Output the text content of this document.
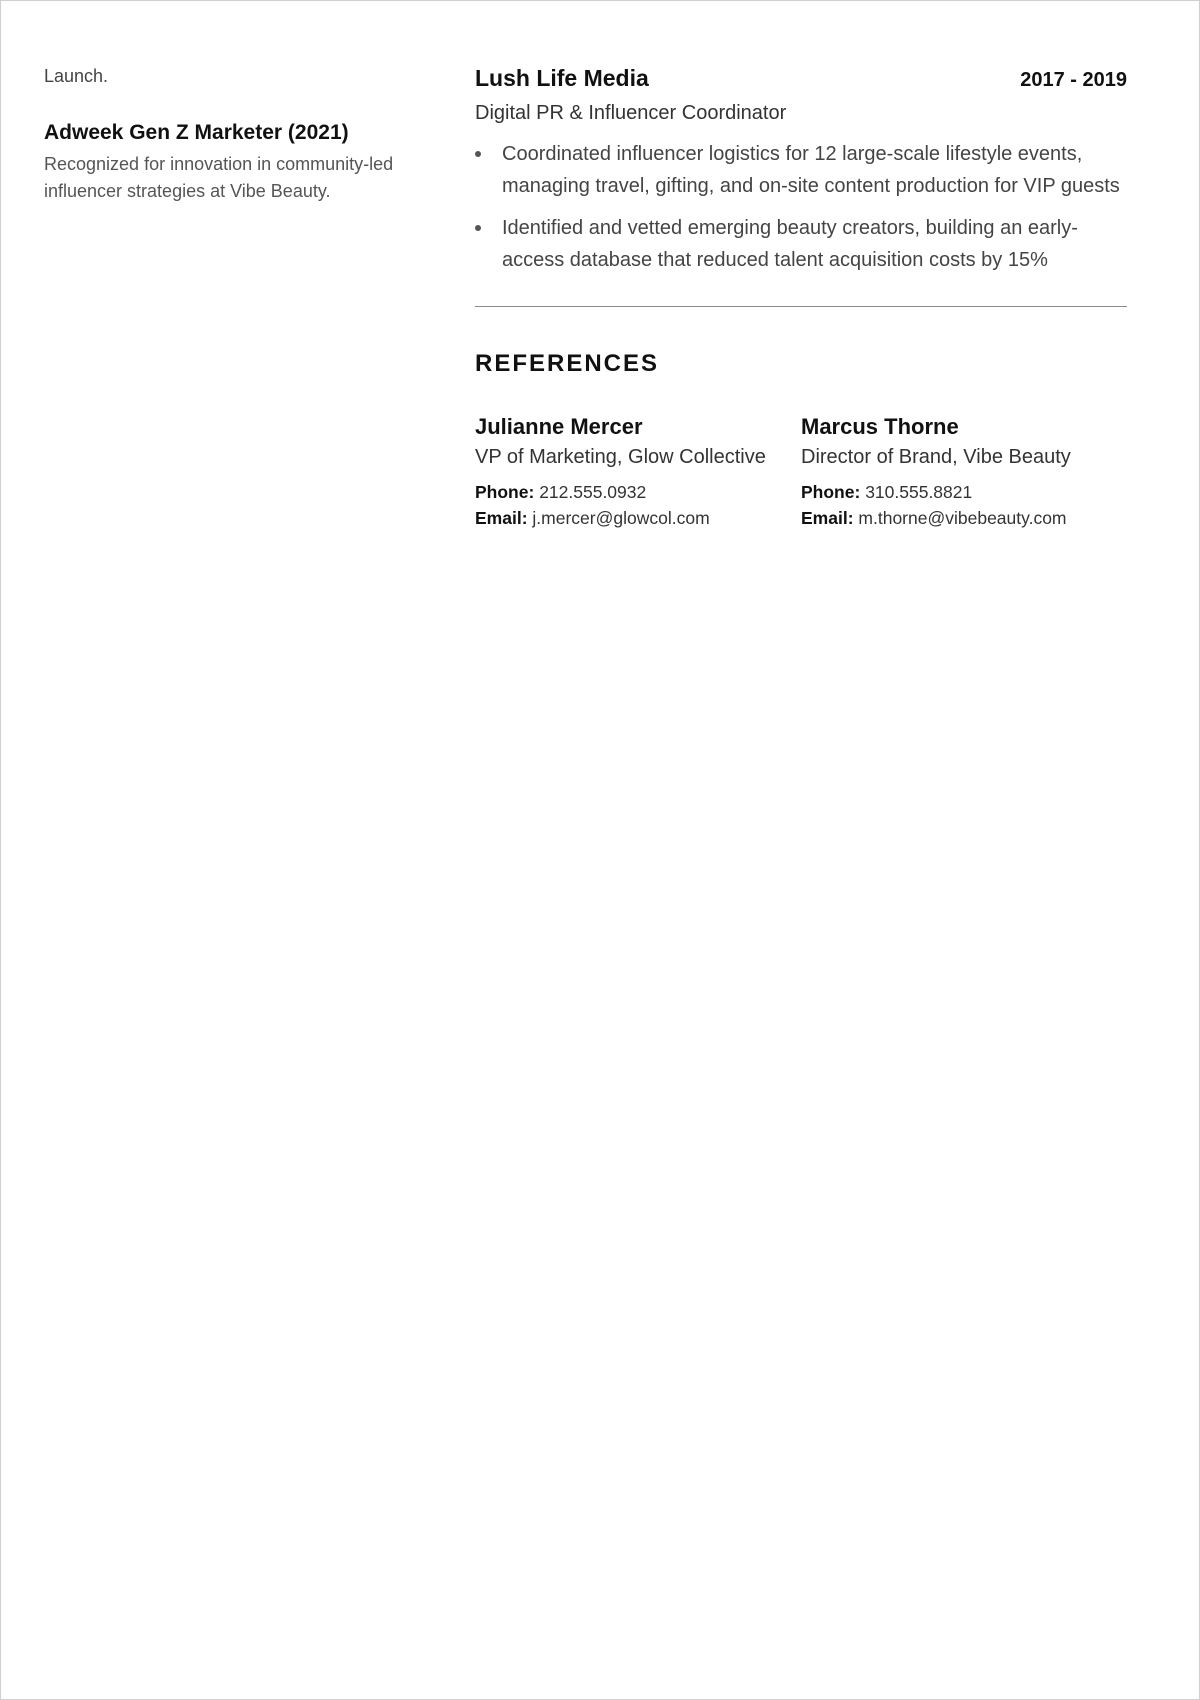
Launch.

Adweek Gen Z Marketer (2021)

Recognized for innovation in community-led influencer strategies at Vibe Beauty.

Lush Life Media	2017 - 2019

Digital PR & Influencer Coordinator

Coordinated influencer logistics for 12 large-scale lifestyle events, managing travel, gifting, and on-site content production for VIP guests
Identified and vetted emerging beauty creators, building an early-access database that reduced talent acquisition costs by 15%
REFERENCES

Julianne Mercer

VP of Marketing, Glow Collective

Phone: 212.555.0932

Email: j.mercer@glowcol.com

Marcus Thorne

Director of Brand, Vibe Beauty

Phone: 310.555.8821

Email: m.thorne@vibebeauty.com
